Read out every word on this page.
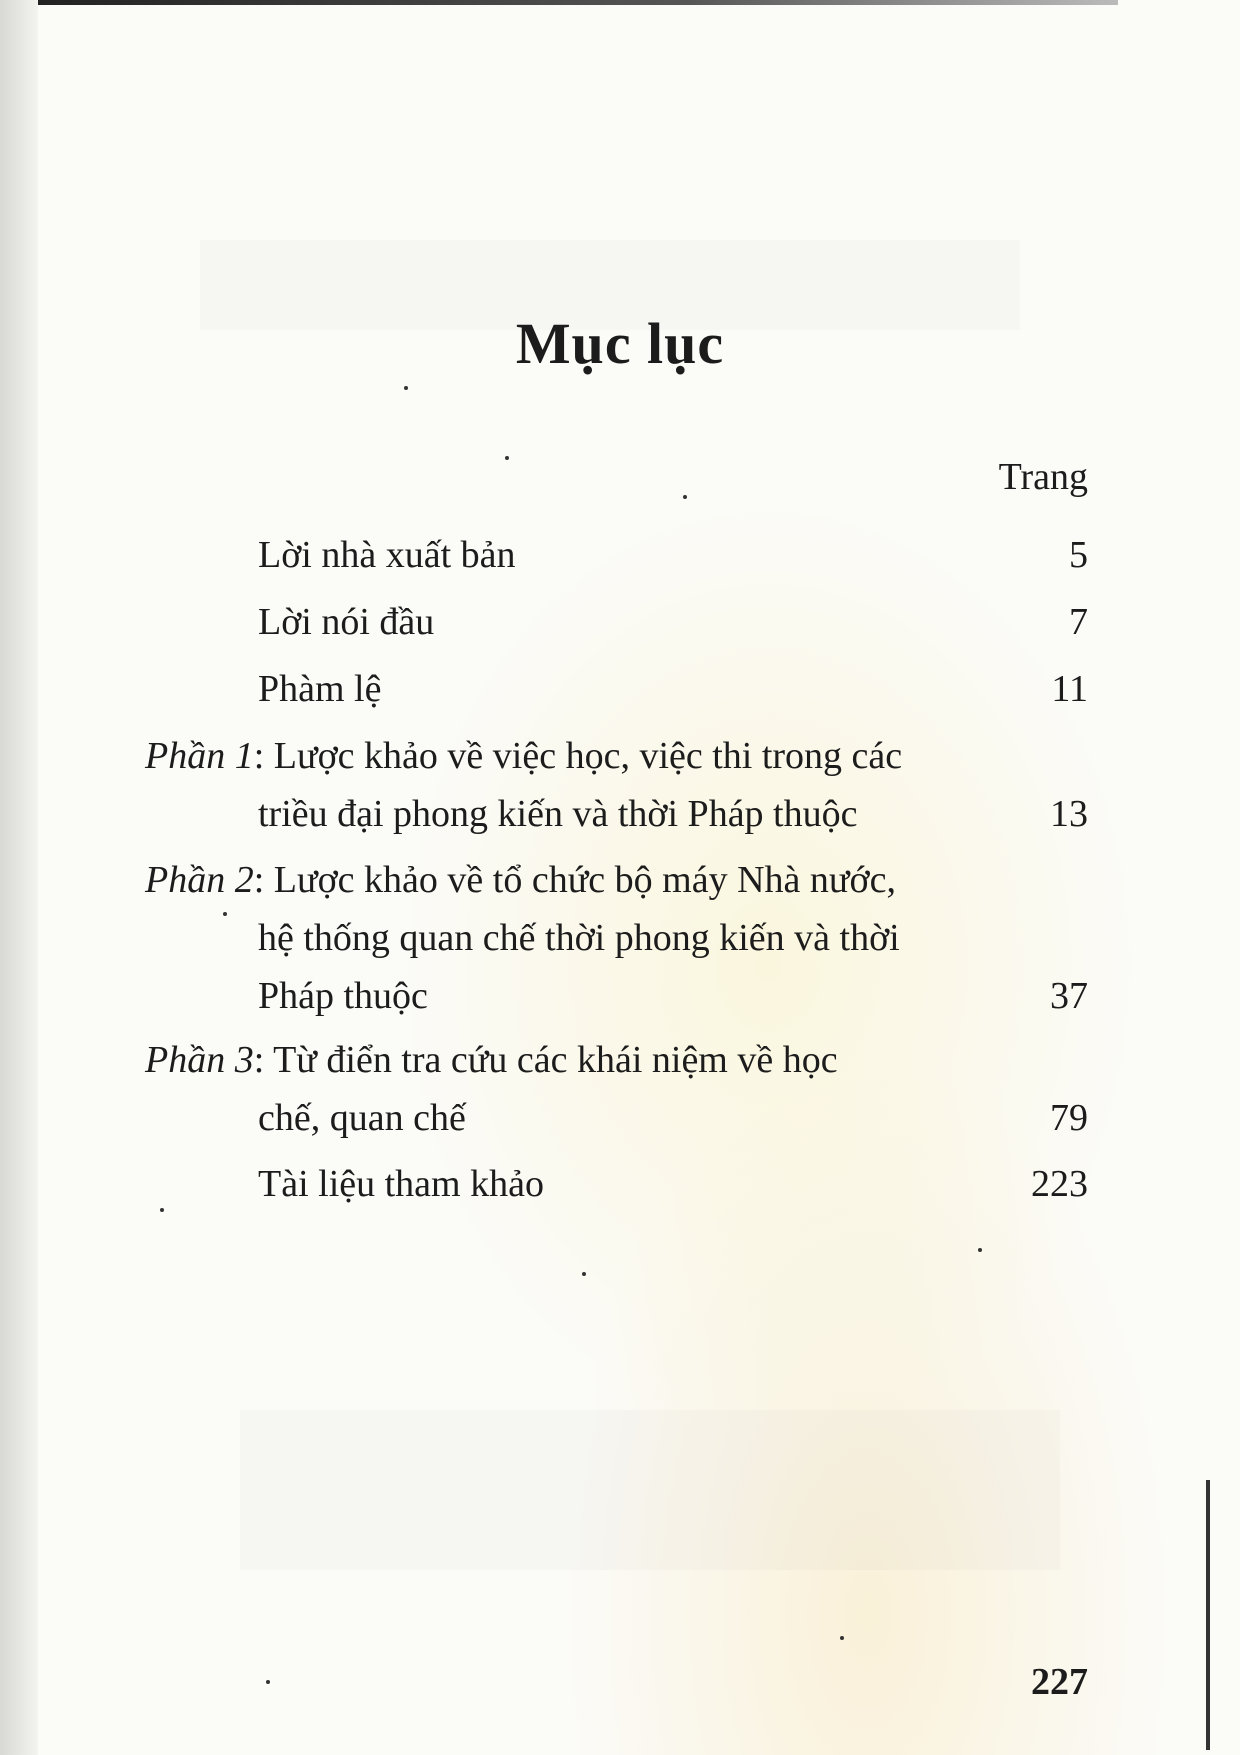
Mục lục
Trang
Lời nhà xuất bản	5
Lời nói đầu	7
Phàm lệ	11
Phần 1: Lược khảo về việc học, việc thi trong các
triều đại phong kiến và thời Pháp thuộc	13
Phần 2: Lược khảo về tổ chức bộ máy Nhà nước,
hệ thống quan chế thời phong kiến và thời
Pháp thuộc	37
Phần 3: Từ điển tra cứu các khái niệm về học
chế, quan chế	79
Tài liệu tham khảo	223
227
